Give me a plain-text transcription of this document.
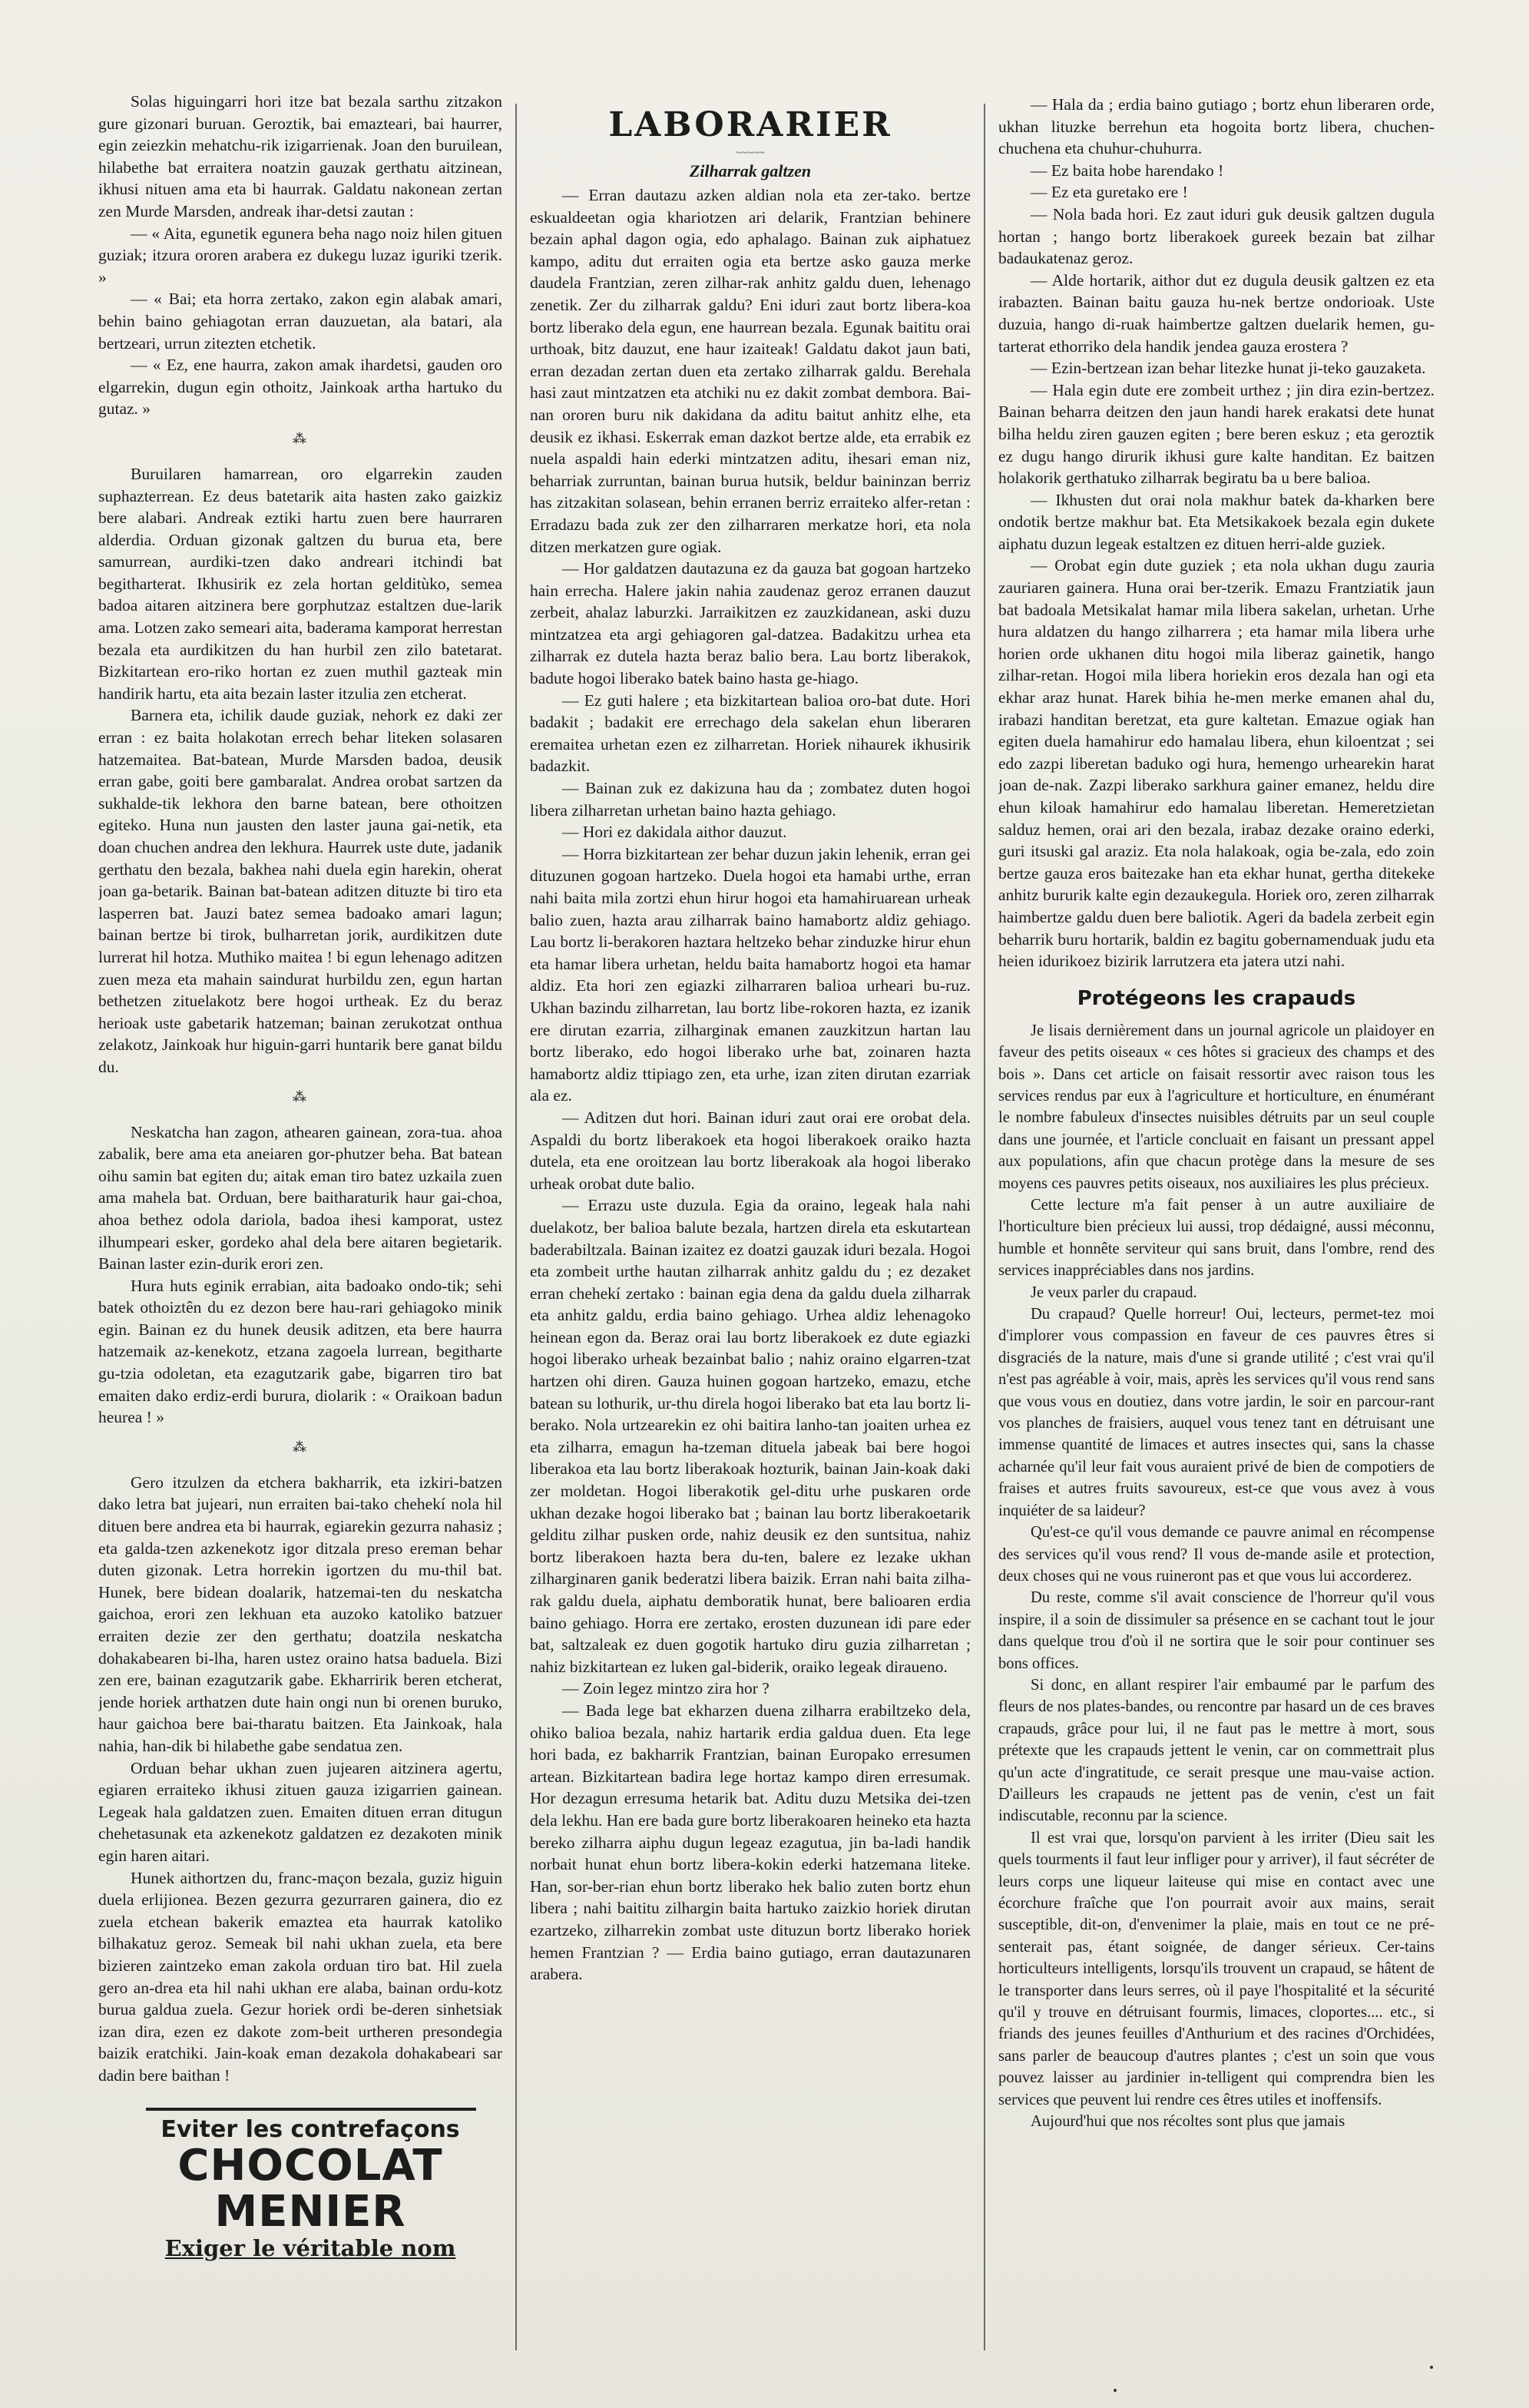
Solas higuingarri hori itze bat bezala sarthu zitzakon gure gizonari buruan. Geroztik, bai emazteari, bai haurrer, egin zeiezkin mehatchu-rik izigarrienak. Joan den buruilean, hilabethe bat erraitera noatzin gauzak gerthatu aitzinean, ikhusi nituen ama eta bi haurrak. Galdatu nakonean zertan zen Murde Marsden, andreak ihar-detsi zautan :

— « Aita, egunetik egunera beha nago noiz hilen gituen guziak; itzura ororen arabera ez dukegu luzaz iguriki tzerik. »

— « Bai; eta horra zertako, zakon egin alabak amari, behin baino gehiagotan erran dauzuetan, ala batari, ala bertzeari, urrun zitezten etchetik.

— « Ez, ene haurra, zakon amak ihardetsi, gauden oro elgarrekin, dugun egin othoitz, Jainkoak artha hartuko du gutaz. »

⁂

Buruilaren hamarrean, oro elgarrekin zauden suphazterrean. Ez deus batetarik aita hasten zako gaizkiz bere alabari. Andreak eztiki hartu zuen bere haurraren alderdia. Orduan gizonak galtzen du burua eta, bere samurrean, aurdiki-tzen dako andreari itchindi bat begitharterat. Ikhusirik ez zela hortan gelditùko, semea badoa aitaren aitzinera bere gorphutzaz estaltzen due-larik ama. Lotzen zako semeari aita, baderama kamporat herrestan bezala eta aurdikitzen du han hurbil zen zilo batetarat. Bizkitartean ero-riko hortan ez zuen muthil gazteak min handirik hartu, eta aita bezain laster itzulia zen etcherat.

Barnera eta, ichilik daude guziak, nehork ez daki zer erran : ez baita holakotan errech behar liteken solasaren hatzemaitea. Bat-batean, Murde Marsden badoa, deusik erran gabe, goiti bere gambaralat. Andrea orobat sartzen da sukhalde-tik lekhora den barne batean, bere othoitzen egiteko. Huna nun jausten den laster jauna gai-netik, eta doan chuchen andrea den lekhura. Haurrek uste dute, jadanik gerthatu den bezala, bakhea nahi duela egin harekin, oherat joan ga-betarik. Bainan bat-batean aditzen dituzte bi tiro eta lasperren bat. Jauzi batez semea badoako amari lagun; bainan bertze bi tirok, bulharretan jorik, aurdikitzen dute lurrerat hil hotza. Muthiko maitea ! bi egun lehenago aditzen zuen meza eta mahain saindurat hurbildu zen, egun hartan bethetzen zituelakotz bere hogoi urtheak. Ez du beraz herioak uste gabetarik hatzeman; bainan zerukotzat onthua zelakotz, Jainkoak hur higuin-garri huntarik bere ganat bildu du.

⁂

Neskatcha han zagon, athearen gainean, zora-tua. ahoa zabalik, bere ama eta aneiaren gor-phutzer beha. Bat batean oihu samin bat egiten du; aitak eman tiro batez uzkaila zuen ama mahela bat. Orduan, bere baitharaturik haur gai-choa, ahoa bethez odola dariola, badoa ihesi kamporat, ustez ilhumpeari esker, gordeko ahal dela bere aitaren begietarik. Bainan laster ezin-durik erori zen.

Hura huts eginik errabian, aita badoako ondo-tik; sehi batek othoiztên du ez dezon bere hau-rari gehiagoko minik egin. Bainan ez du hunek deusik aditzen, eta bere haurra hatzemaik az-kenekotz, etzana zagoela lurrean, begitharte gu-tzia odoletan, eta ezagutzarik gabe, bigarren tiro bat emaiten dako erdiz-erdi burura, diolarik : « Oraikoan badun heurea ! »

⁂

Gero itzulzen da etchera bakharrik, eta izkiri-batzen dako letra bat jujeari, nun erraiten bai-tako chehekí nola hil dituen bere andrea eta bi haurrak, egiarekin gezurra nahasiz ; eta galda-tzen azkenekotz igor ditzala preso ereman behar duten gizonak. Letra horrekin igortzen du mu-thil bat. Hunek, bere bidean doalarik, hatzemai-ten du neskatcha gaichoa, erori zen lekhuan eta auzoko katoliko batzuer erraiten dezie zer den gerthatu; doatzila neskatcha dohakabearen bi-lha, haren ustez oraino hatsa baduela. Bizi zen ere, bainan ezagutzarik gabe. Ekharririk beren etcherat, jende horiek arthatzen dute hain ongi nun bi orenen buruko, haur gaichoa bere bai-tharatu baitzen. Eta Jainkoak, hala nahia, han-dik bi hilabethe gabe sendatua zen.

Orduan behar ukhan zuen jujearen aitzinera agertu, egiaren erraiteko ikhusi zituen gauza izigarrien gainean. Legeak hala galdatzen zuen. Emaiten dituen erran ditugun chehetasunak eta azkenekotz galdatzen ez dezakoten minik egin haren aitari.

Hunek aithortzen du, franc-maçon bezala, guziz higuin duela erlijionea. Bezen gezurra gezurraren gainera, dio ez zuela etchean bakerik emaztea eta haurrak katoliko bilhakatuz geroz. Semeak bil nahi ukhan zuela, eta bere bizieren zaintzeko eman zakola orduan tiro bat. Hil zuela gero an-drea eta hil nahi ukhan ere alaba, bainan ordu-kotz burua galdua zuela. Gezur horiek ordi be-deren sinhetsiak izan dira, ezen ez dakote zom-beit urtheren presondegia baizik eratchiki. Jain-koak eman dezakola dohakabeari sar dadin bere baithan !

Eviter les contrefaçons
CHOCOLAT
MENIER
Exiger le véritable nom
LABORARIER
~~~~~
Zilharrak galtzen

— Erran dautazu azken aldian nola eta zer-tako. bertze eskualdeetan ogia khariotzen ari delarik, Frantzian behinere bezain aphal dagon ogia, edo aphalago. Bainan zuk aiphatuez kampo, aditu dut erraiten ogia eta bertze asko gauza merke daudela Frantzian, zeren zilhar-rak anhitz galdu duen, lehenago zenetik. Zer du zilharrak galdu? Eni iduri zaut bortz libera-koa bortz liberako dela egun, ene haurrean bezala. Egunak baititu orai urthoak, bitz dauzut, ene haur izaiteak! Galdatu dakot jaun bati, erran dezadan zertan duen eta zertako zilharrak galdu. Berehala hasi zaut mintzatzen eta atchiki nu ez dakit zombat dembora. Bai-nan ororen buru nik dakidana da aditu baitut anhitz elhe, eta deusik ez ikhasi. Eskerrak eman dazkot bertze alde, eta errabik ez nuela aspaldi hain ederki mintzatzen aditu, ihesari eman niz, beharriak zurruntan, bainan burua hutsik, beldur baininzan berriz has zitzakitan solasean, behin erranen berriz erraiteko alfer-retan : Erradazu bada zuk zer den zilharraren merkatze hori, eta nola ditzen merkatzen gure ogiak.

— Hor galdatzen dautazuna ez da gauza bat gogoan hartzeko hain errecha. Halere jakin nahia zaudenaz geroz erranen dauzut zerbeit, ahalaz laburzki. Jarraikitzen ez zauzkidanean, aski duzu mintzatzea eta argi gehiagoren gal-datzea. Badakitzu urhea eta zilharrak ez dutela hazta beraz balio bera. Lau bortz liberakok, badute hogoi liberako batek baino hasta ge-hiago.

— Ez guti halere ; eta bizkitartean balioa oro-bat dute. Hori badakit ; badakit ere errechago dela sakelan ehun liberaren eremaitea urhetan ezen ez zilharretan. Horiek nihaurek ikhusirik badazkit.

— Bainan zuk ez dakizuna hau da ; zombatez duten hogoi libera zilharretan urhetan baino hazta gehiago.

— Hori ez dakidala aithor dauzut.

— Horra bizkitartean zer behar duzun jakin lehenik, erran gei dituzunen gogoan hartzeko. Duela hogoi eta hamabi urthe, erran nahi baita mila zortzi ehun hirur hogoi eta hamahiruarean urheak balio zuen, hazta arau zilharrak baino hamabortz aldiz gehiago. Lau bortz li-berakoren haztara heltzeko behar zinduzke hirur ehun eta hamar libera urhetan, heldu baita hamabortz hogoi eta hamar aldiz. Eta hori zen egiazki zilharraren balioa urheari bu-ruz. Ukhan bazindu zilharretan, lau bortz libe-rokoren hazta, ez izanik ere dirutan ezarria, zilharginak emanen zauzkitzun hartan lau bortz liberako, edo hogoi liberako urhe bat, zoinaren hazta hamabortz aldiz ttipiago zen, eta urhe, izan ziten dirutan ezarriak ala ez.

— Aditzen dut hori. Bainan iduri zaut orai ere orobat dela. Aspaldi du bortz liberakoek eta hogoi liberakoek oraiko hazta dutela, eta ene oroitzean lau bortz liberakoak ala hogoi liberako urheak orobat dute balio.

— Errazu uste duzula. Egia da oraino, legeak hala nahi duelakotz, ber balioa balute bezala, hartzen direla eta eskutartean baderabiltzala. Bainan izaitez ez doatzi gauzak iduri bezala. Hogoi eta zombeit urthe hautan zilharrak anhitz galdu du ; ez dezaket erran chehekí zertako : bainan egia dena da galdu duela zilharrak eta anhitz galdu, erdia baino gehiago. Urhea aldiz lehenagoko heinean egon da. Beraz orai lau bortz liberakoek ez dute egiazki hogoi liberako urheak bezainbat balio ; nahiz oraino elgarren-tzat hartzen ohi diren. Gauza huinen gogoan hartzeko, emazu, etche batean su lothurik, ur-thu direla hogoi liberako bat eta lau bortz li-berako. Nola urtzearekin ez ohi baitira lanho-tan joaiten urhea ez eta zilharra, emagun ha-tzeman dituela jabeak bai bere hogoi liberakoa eta lau bortz liberakoak hozturik, bainan Jain-koak daki zer moldetan. Hogoi liberakotik gel-ditu urhe puskaren orde ukhan dezake hogoi liberako bat ; bainan lau bortz liberakoetarik gelditu zilhar pusken orde, nahiz deusik ez den suntsitua, nahiz bortz liberakoen hazta bera du-ten, balere ez lezake ukhan zilharginaren ganik bederatzi libera baizik. Erran nahi baita zilha-rak galdu duela, aiphatu demboratik hunat, bere balioaren erdia baino gehiago. Horra ere zertako, erosten duzunean idi pare eder bat, saltzaleak ez duen gogotik hartuko diru guzia zilharretan ; nahiz bizkitartean ez luken gal-biderik, oraiko legeak diraueno.

— Zoin legez mintzo zira hor ?

— Bada lege bat ekharzen duena zilharra erabiltzeko dela, ohiko balioa bezala, nahiz hartarik erdia galdua duen. Eta lege hori bada, ez bakharrik Frantzian, bainan Europako erresumen artean. Bizkitartean badira lege hortaz kampo diren erresumak. Hor dezagun erresuma hetarik bat. Aditu duzu Metsika dei-tzen dela lekhu. Han ere bada gure bortz liberakoaren heineko eta hazta bereko zilharra aiphu dugun legeaz ezagutua, jin ba-ladi handik norbait hunat ehun bortz libera-kokin ederki hatzemana liteke. Han, sor-ber-rian ehun bortz liberako hek balio zuten bortz ehun libera ; nahi baititu zilhargin baita hartuko zaizkio horiek dirutan ezartzeko, zilharrekin zombat uste dituzun bortz liberako horiek hemen Frantzian ? — Erdia baino gutiago, erran dautazunaren arabera.

— Hala da ; erdia baino gutiago ; bortz ehun liberaren orde, ukhan lituzke berrehun eta hogoita bortz libera, chuchen-chuchena eta chuhur-chuhurra.

— Ez baita hobe harendako !

— Ez eta guretako ere !

— Nola bada hori. Ez zaut iduri guk deusik galtzen dugula hortan ; hango bortz liberakoek gureek bezain bat zilhar badaukatenaz geroz.

— Alde hortarik, aithor dut ez dugula deusik galtzen ez eta irabazten. Bainan baitu gauza hu-nek bertze ondorioak. Uste duzuia, hango di-ruak haimbertze galtzen duelarik hemen, gu-tarterat ethorriko dela handik jendea gauza erostera ?

— Ezin-bertzean izan behar litezke hunat ji-teko gauzaketa.

— Hala egin dute ere zombeit urthez ; jin dira ezin-bertzez. Bainan beharra deitzen den jaun handi harek erakatsi dete hunat bilha heldu ziren gauzen egiten ; bere beren eskuz ; eta geroztik ez dugu hango dirurik ikhusi gure kalte handitan. Ez baitzen holakorik gerthatuko zilharrak begiratu ba u bere balioa.

— Ikhusten dut orai nola makhur batek da-kharken bere ondotik bertze makhur bat. Eta Metsikakoek bezala egin dukete aiphatu duzun legeak estaltzen ez dituen herri-alde guziek.

— Orobat egin dute guziek ; eta nola ukhan dugu zauria zauriaren gainera. Huna orai ber-tzerik. Emazu Frantziatik jaun bat badoala Metsikalat hamar mila libera sakelan, urhetan. Urhe hura aldatzen du hango zilharrera ; eta hamar mila libera urhe horien orde ukhanen ditu hogoi mila liberaz gainetik, hango zilhar-retan. Hogoi mila libera horiekin eros dezala han ogi eta ekhar araz hunat. Harek bihia he-men merke emanen ahal du, irabazi handitan beretzat, eta gure kaltetan. Emazue ogiak han egiten duela hamahirur edo hamalau libera, ehun kiloentzat ; sei edo zazpi liberetan baduko ogi hura, hemengo urhearekin harat joan de-nak. Zazpi liberako sarkhura gainer emanez, heldu dire ehun kiloak hamahirur edo hamalau liberetan. Hemeretzietan salduz hemen, orai ari den bezala, irabaz dezake oraino ederki, guri itsuski gal araziz. Eta nola halakoak, ogia be-zala, edo zoin bertze gauza eros baitezake han eta ekhar hunat, gertha ditekeke anhitz bururik kalte egin dezaukegula. Horiek oro, zeren zilharrak haimbertze galdu duen bere baliotik. Ageri da badela zerbeit egin beharrik buru hortarik, baldin ez bagitu gobernamenduak judu eta heien idurikoez bizirik larrutzera eta jatera utzi nahi.

Protégeons les crapauds

Je lisais dernièrement dans un journal agricole un plaidoyer en faveur des petits oiseaux « ces hôtes si gracieux des champs et des bois ». Dans cet article on faisait ressortir avec raison tous les services rendus par eux à l'agriculture et horticulture, en énumérant le nombre fabuleux d'insectes nuisibles détruits par un seul couple dans une journée, et l'article concluait en faisant un pressant appel aux populations, afin que chacun protège dans la mesure de ses moyens ces pauvres petits oiseaux, nos auxiliaires les plus précieux.

Cette lecture m'a fait penser à un autre auxiliaire de l'horticulture bien précieux lui aussi, trop dédaigné, aussi méconnu, humble et honnête serviteur qui sans bruit, dans l'ombre, rend des services inappréciables dans nos jardins.

Je veux parler du crapaud.

Du crapaud? Quelle horreur! Oui, lecteurs, permet-tez moi d'implorer vous compassion en faveur de ces pauvres êtres si disgraciés de la nature, mais d'une si grande utilité ; c'est vrai qu'il n'est pas agréable à voir, mais, après les services qu'il vous rend sans que vous vous en doutiez, dans votre jardin, le soir en parcour-rant vos planches de fraisiers, auquel vous tenez tant en détruisant une immense quantité de limaces et autres insectes qui, sans la chasse acharnée qu'il leur fait vous auraient privé de bien de compotiers de fraises et autres fruits savoureux, est-ce que vous avez à vous inquiéter de sa laideur?

Qu'est-ce qu'il vous demande ce pauvre animal en récompense des services qu'il vous rend? Il vous de-mande asile et protection, deux choses qui ne vous ruineront pas et que vous lui accorderez.

Du reste, comme s'il avait conscience de l'horreur qu'il vous inspire, il a soin de dissimuler sa présence en se cachant tout le jour dans quelque trou d'où il ne sortira que le soir pour continuer ses bons offices.

Si donc, en allant respirer l'air embaumé par le parfum des fleurs de nos plates-bandes, ou rencontre par hasard un de ces braves crapauds, grâce pour lui, il ne faut pas le mettre à mort, sous prétexte que les crapauds jettent le venin, car on commettrait plus qu'un acte d'ingratitude, ce serait presque une mau-vaise action. D'ailleurs les crapauds ne jettent pas de venin, c'est un fait indiscutable, reconnu par la science.

Il est vrai que, lorsqu'on parvient à les irriter (Dieu sait les quels tourments il faut leur infliger pour y arriver), il faut sécréter de leurs corps une liqueur laiteuse qui mise en contact avec une écorchure fraîche que l'on pourrait avoir aux mains, serait susceptible, dit-on, d'envenimer la plaie, mais en tout ce ne pré-senterait pas, étant soignée, de danger sérieux. Cer-tains horticulteurs intelligents, lorsqu'ils trouvent un crapaud, se hâtent de le transporter dans leurs serres, où il paye l'hospitalité et la sécurité qu'il y trouve en détruisant fourmis, limaces, cloportes.... etc., si friands des jeunes feuilles d'Anthurium et des racines d'Orchidées, sans parler de beaucoup d'autres plantes ; c'est un soin que vous pouvez laisser au jardinier in-telligent qui comprendra bien les services que peuvent lui rendre ces êtres utiles et inoffensifs.

Aujourd'hui que nos récoltes sont plus que jamais
